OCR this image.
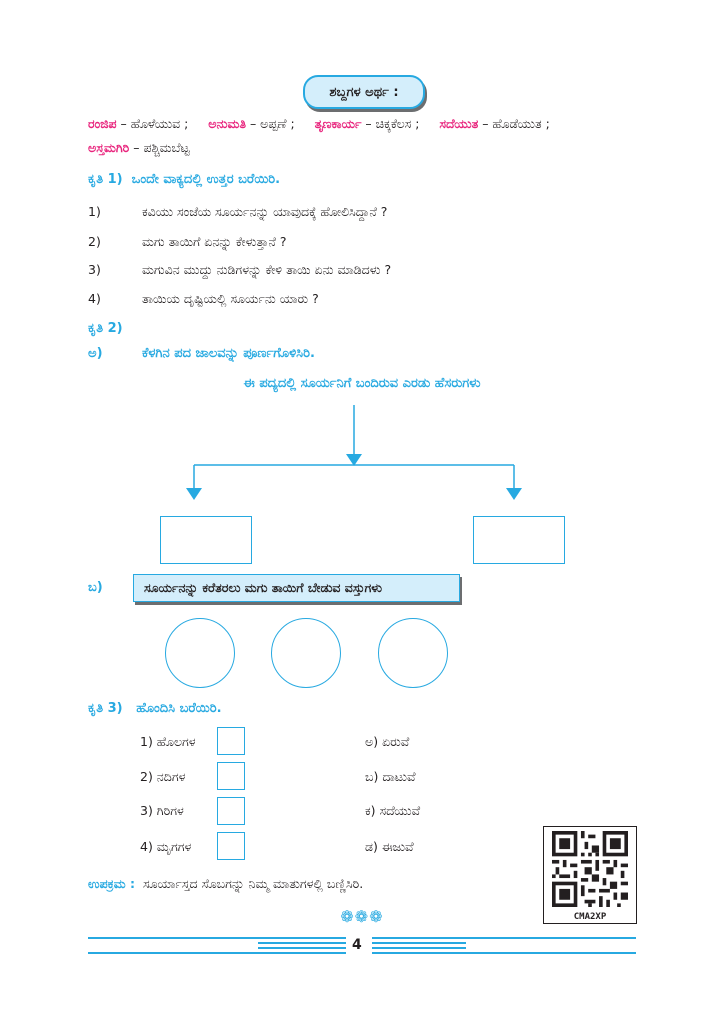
ಶಬ್ದಗಳ ಅರ್ಥ :
ರಂಜಿಪ – ಹೊಳೆಯುವ ;     ಅನುಮತಿ – ಅಪ್ಪಣೆ ;     ತೃಣಕಾರ್ಯ – ಚಿಕ್ಕಕೆಲಸ ;     ಸದೆಯುತ – ಹೊಡೆಯುತ ;
ಅಸ್ತಮಗಿರಿ – ಪಶ್ಚಿಮಬೆಟ್ಟ
ಕೃತಿ 1) ಒಂದೇ ವಾಕ್ಯದಲ್ಲಿ ಉತ್ತರ ಬರೆಯಿರಿ.
1)	ಕವಿಯು ಸಂಜೆಯ ಸೂರ್ಯನನ್ನು ಯಾವುದಕ್ಕೆ ಹೋಲಿಸಿದ್ದಾನೆ ?
2)	ಮಗು ತಾಯಿಗೆ ಏನನ್ನು ಕೇಳುತ್ತಾನೆ ?
3)	ಮಗುವಿನ ಮುದ್ದು ನುಡಿಗಳನ್ನು ಕೇಳಿ ತಾಯಿ ಏನು ಮಾಡಿದಳು ?
4)	ತಾಯಿಯ ದೃಷ್ಟಿಯಲ್ಲಿ ಸೂರ್ಯನು ಯಾರು ?
ಕೃತಿ 2)
ಅ)	ಕೆಳಗಿನ ಪದ ಜಾಲವನ್ನು ಪೂರ್ಣಗೊಳಿಸಿರಿ.
ಈ ಪದ್ಯದಲ್ಲಿ ಸೂರ್ಯನಿಗೆ ಬಂದಿರುವ ಎರಡು ಹೆಸರುಗಳು
ಬ)	ಸೂರ್ಯನನ್ನು ಕರೆತರಲು ಮಗು ತಾಯಿಗೆ ಬೇಡುವ ವಸ್ತುಗಳು
ಕೃತಿ 3) ಹೊಂದಿಸಿ ಬರೆಯಿರಿ.
1) ಹೊಲಗಳ	ಅ) ಏರುವೆ
2) ನದಿಗಳ	ಬ) ದಾಟುವೆ
3) ಗಿರಿಗಳ	ಕ) ಸದೆಯುವೆ
4) ಮೃಗಗಳ	ಡ) ಈಜುವೆ
ಉಪಕ್ರಮ : ಸೂರ್ಯಾಸ್ತದ ಸೊಬಗನ್ನು ನಿಮ್ಮ ಮಾತುಗಳಲ್ಲಿ ಬಣ್ಣಿಸಿರಿ.
CMA2XP
❁❁❁
4
